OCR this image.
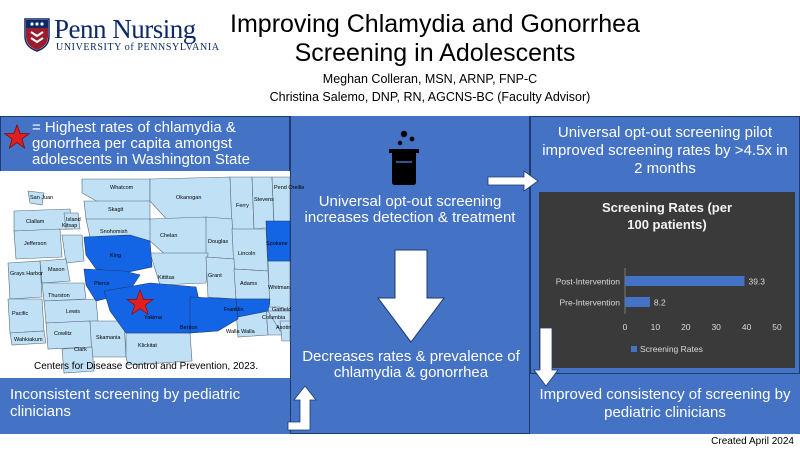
Penn Nursing
UNIVERSITY of PENNSYLVANIA
Improving Chlamydia and Gonorrhea
Screening in Adolescents
Meghan Colleran, MSN, ARNP, FNP-C
Christina Salemo, DNP, RN, AGCNS-BC (Faculty Advisor)
= Highest rates of chlamydia & gonorrhea per capita amongst adolescents in Washington State
Whatcom
San Juan
Skagit
Okanogan
Pend Oreille
Ferry
Stevens
Island
Clallam
Jefferson
Snohomish
Kitsap
Chelan
Douglas
Lincoln
Spokane
Mason
Grays Harbor
King
Kittitas	Grant
Adams
Whitman
Thurston
Pierce
Lewis
Pacific
Wahkiakum
Cowlitz
Skamania
Yakima
Benton
Franklin
Walla Walla
Columbia
Garfield
Asotin
Clark
Klickitat
Centers for Disease Control and Prevention, 2023.
Inconsistent screening by pediatric clinicians
Universal opt-out screening increases detection & treatment
Decreases rates & prevalence of chlamydia & gonorrhea
Universal opt-out screening pilot improved screening rates by >4.5x in 2 months
Screening Rates (per 100 patients)
Post-Intervention	39.3
Pre-Intervention	8.2
0	10 20 30 40 50
Screening Rates
Improved consistency of screening by pediatric clinicians
Created April 2024
